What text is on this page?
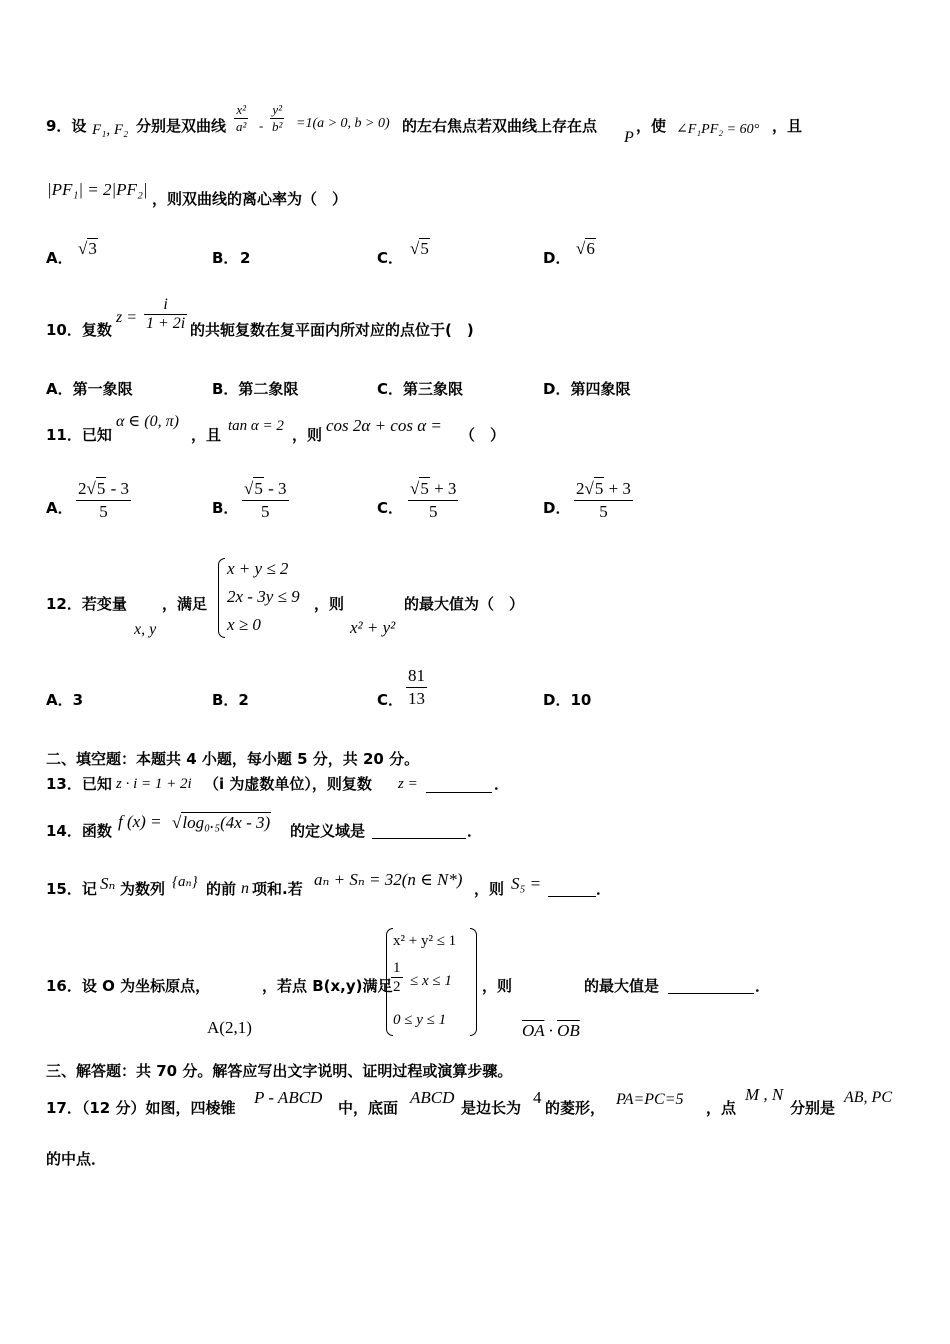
9．设 F₁, F₂ 分别是双曲线 $\frac{\text{x²}}{\text{a²}} - \frac{\text{y²}}{\text{b²}} =1(a > 0$, b > 0) 的左右焦点若双曲线上存在点
P
，使 ∠F₁PF₂ = 60° ，且
|PF₁| = 2|PF₂| ，则双曲线的离心率为（　）
A． √3	B． 2	C． √5	D． √6
10．复数
$z = \frac{i}{1 + 2i}$ 的共轭复数在复平面内所对应的点位于(　)
A．第一象限	B．第二象限	C．第三象限	D．第四象限
11．已知
α ∈ (0, π)
，且 tan α = 2 ，则 cos 2α + cos α = （　）
A． $\frac{2√5 - 3}{5}$	B． $\frac{√5 - 3}{5}$	C． $\frac{√5 + 3}{5}$	D． $\frac{2√5 + 3}{5}$
12．若变量
x, y
，满足
x + y ≤ 2
2x - 3y ≤ 9
x ≥ 0
，则
x² + y²
的最大值为（　）
A．3	B．2	C． $\frac{81}{13}$	D．10
二、填空题：本题共 4 小题，每小题 5 分，共 20 分。
13．已知 z · i = 1 + 2i （i 为虚数单位），则复数 z =	．
14．函数 f (x) = √log₀.₅(4x - 3) 的定义域是	．
15．记 Sₙ 为数列 {aₙ} 的前 n 项和.若 aₙ + Sₙ = 32(n ∈ N*) ，则 S₅ =	．
16．设 O 为坐标原点，
A(2,1)
，若点 B(x,y)满足
x² + y² ≤ 1
$\frac{1}{2} \le x \le 1$
0 ≤ y ≤ 1
，则
$\overline{OA} \cdot \overline{OB}$
的最大值是	．
三、解答题：共 70 分。解答应写出文字说明、证明过程或演算步骤。
17．（12 分）如图，四棱锥
P - ABCD
中，底面
ABCD
是边长为
4
的菱形， PA=PC=5 ，点
M , N
分别是
AB, PC
的中点．
